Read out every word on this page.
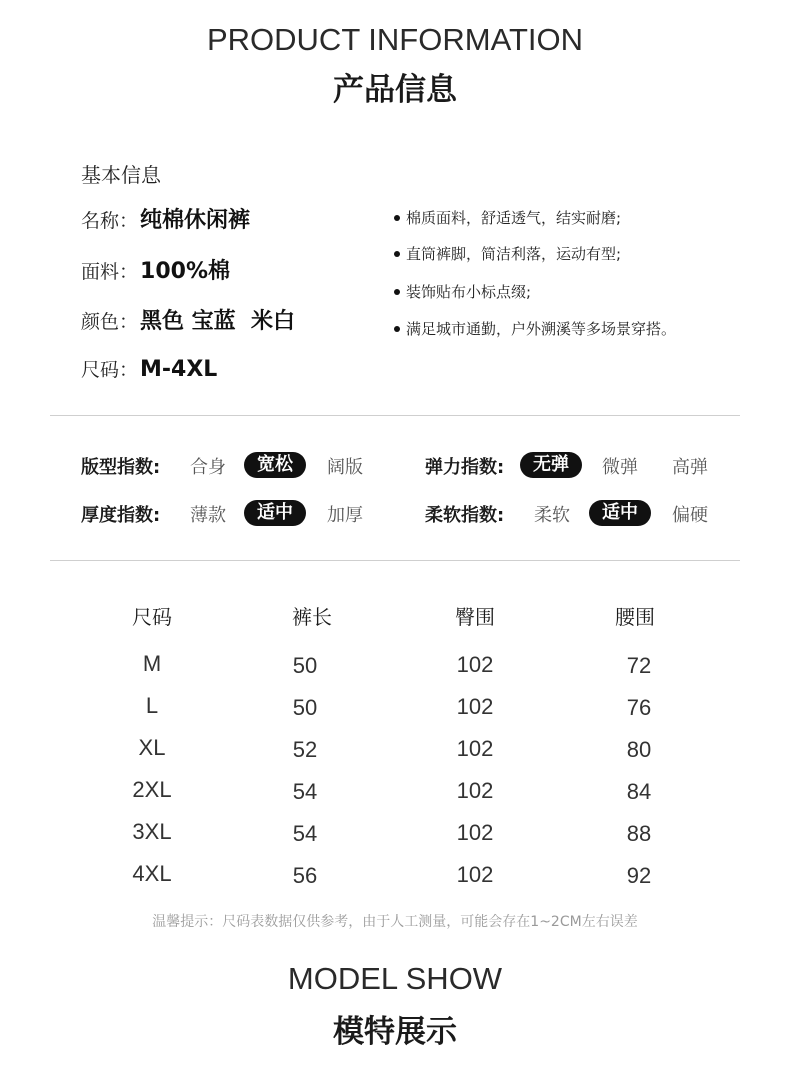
PRODUCT INFORMATION
产品信息
基本信息
名称： 纯棉休闲裤
面料： 100%棉
颜色： 黑色 宝蓝  米白
尺码： M-4XL
棉质面料，舒适透气，结实耐磨;
直筒裤脚，简洁利落，运动有型;
装饰贴布小标点缀;
满足城市通勤，户外溯溪等多场景穿搭。
版型指数: 合身	宽松	阔版	弹力指数:	无弹	微弹 高弹
厚度指数: 薄款	适中	加厚	柔软指数: 柔软	适中	偏硬
尺码	裤长	臀围	腰围
M	50	102	72
L	50	102	76
XL	52	102	80
2XL	54	102	84
3XL	54	102	88
4XL	56	102	92
温馨提示：尺码表数据仅供参考，由于人工测量，可能会存在1~2CM左右误差
MODEL SHOW
模特展示
